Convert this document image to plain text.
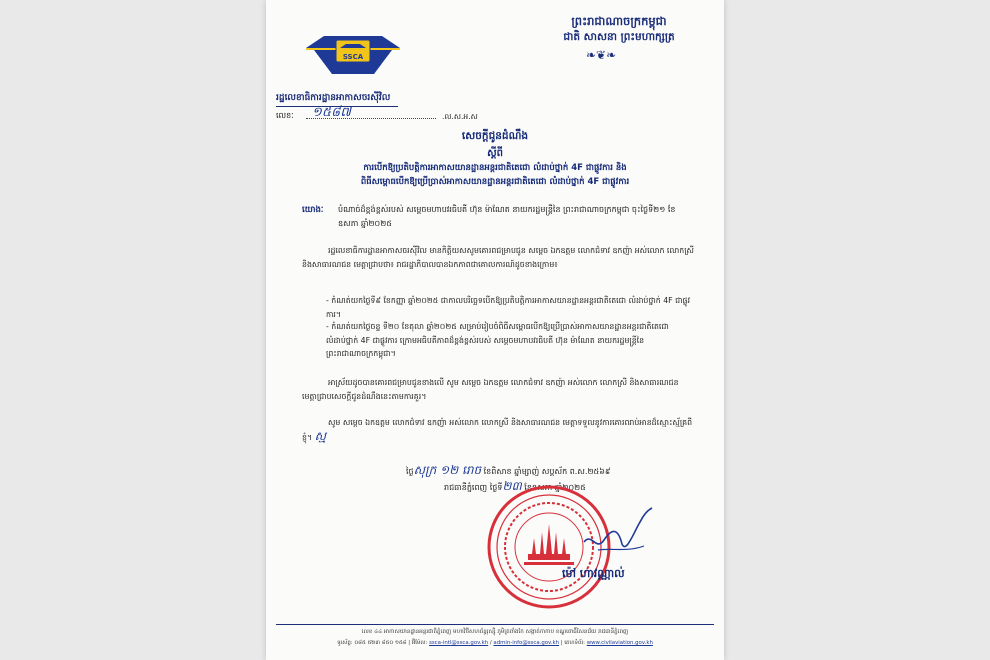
ព្រះរាជាណាចក្រកម្ពុជា
ជាតិ សាសនា ព្រះមហាក្សត្រ
❧❦❧
SSCA
រដ្ឋលេខាធិការដ្ឋានអាកាសចរស៊ីវិល
លេខៈ ១៥៨៧	.ល.ស.អ.ស
សេចក្តីជូនដំណឹង
ស្តីពី
ការបើកឱ្យប្រតិបត្តិការអាកាសយានដ្ឋានអន្តរជាតិតេជោ លំដាប់ថ្នាក់ 4F ជាផ្លូវការ និង
ពិធីសម្ពោធបើកឱ្យប្រើប្រាស់អាកាសយានដ្ឋានអន្តរជាតិតេជោ លំដាប់ថ្នាក់ 4F ជាផ្លូវការ
យោងៈ បំណាច់ដ៏ខ្ពង់ខ្ពស់របស់ សម្តេចមហាបវរធិបតី ហ៊ុន ម៉ាណែត នាយករដ្ឋមន្ត្រីនៃ ព្រះរាជាណាចក្រកម្ពុជា ចុះថ្ងៃទី២១ ខែឧសភា ឆ្នាំ២០២៥
រដ្ឋលេខាធិការដ្ឋានអាកាសចរស៊ីវិល មានកិត្តិយសសូមគោរពជម្រាបជូន សម្តេច ឯកឧត្តម លោកជំទាវ ឧកញ៉ា អស់លោក លោកស្រី និងសាធារណជន មេត្តាជ្រាបថា៖ រាជរដ្ឋាភិបាលបានឯកភាពជាគោលការណ៍ដូចខាងក្រោម៖
- កំណត់យកថ្ងៃទី៩ ខែកញ្ញា ឆ្នាំ២០២៥ ជាកាលបរិច្ឆេទបើកឱ្យប្រតិបត្តិការអាកាសយានដ្ឋានអន្តរជាតិតេជោ លំដាប់ថ្នាក់ 4F ជាផ្លូវការ។
- កំណត់យកថ្ងៃចន្ទ ទី២០ ខែតុលា ឆ្នាំ២០២៥ សម្រាប់រៀបចំពិធីសម្ពោធបើកឱ្យប្រើប្រាស់អាកាសយានដ្ឋានអន្តរជាតិតេជោ លំដាប់ថ្នាក់ 4F ជាផ្លូវការ ក្រោមអធិបតីភាពដ៏ខ្ពង់ខ្ពស់របស់ សម្តេចមហាបវរធិបតី ហ៊ុន ម៉ាណែត នាយករដ្ឋមន្ត្រីនៃព្រះរាជាណាចក្រកម្ពុជា។
អាស្រ័យដូចបានគោរពជម្រាបជូនខាងលើ សូម សម្តេច ឯកឧត្តម លោកជំទាវ ឧកញ៉ា អស់លោក លោកស្រី និងសាធារណជន មេត្តាជ្រាបសេចក្តីជូនដំណឹងនេះតាមការគួរ។
សូម សម្តេច ឯកឧត្តម លោកជំទាវ ឧកញ៉ា អស់លោក លោកស្រី និងសាធារណជន មេត្តាទទួលនូវការគោរពរាប់អានដ៏ស្មោះស្ម័គ្រពីខ្ញុំ។ ស្ម
ថ្ងៃសុក្រ ១២ រោច ខែពិសាខ ឆ្នាំម្សាញ់ សប្តស័ក ព.ស.២៥៦៩
រាជធានីភ្នំពេញ ថ្ងៃទី២៣ ខែឧសភា ឆ្នាំ២០២៥
ម៉ៅ ហាវណ្ណាល់
លេខ ៤៤ អាកាសយានដ្ឋានអន្តរជាតិភ្នំពេញ មហាវិថីសហព័ន្ធរុស្ស៊ី ភូមិត្រពាំងកែ សង្កាត់កាកាប ខណ្ឌពោធិ៍សែនជ័យ រាជធានីភ្នំពេញ
ទូរស័ព្ទ: ០៨៥ ៥២៣ ៨៥០ ១៥៨ | អ៊ីម៉ែល: ssca-intl@ssca.gov.kh / admin-info@ssca.gov.kh | គេហទំព័រ: www.civilaviation.gov.kh
